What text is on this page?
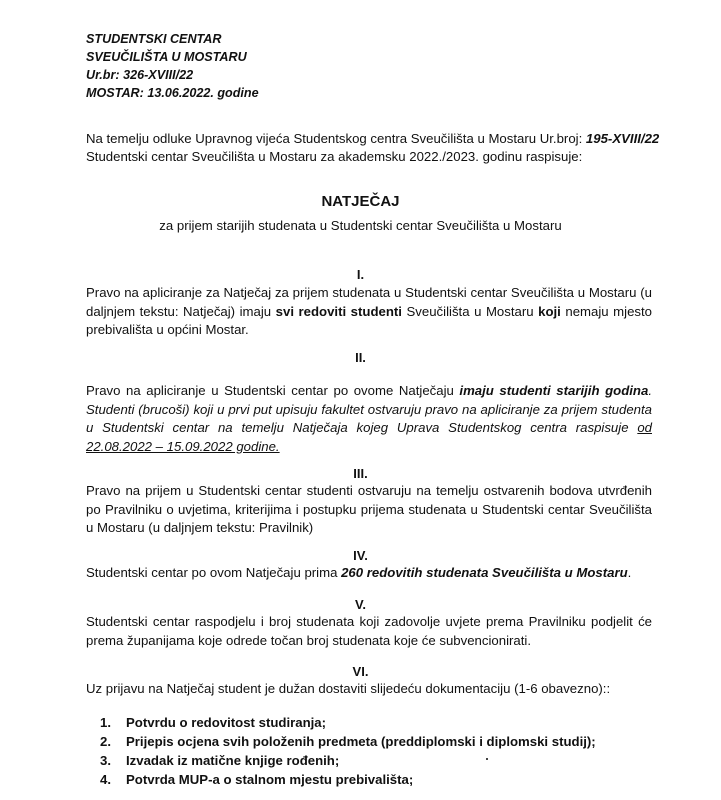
STUDENTSKI CENTAR
SVEUČILIŠTA U MOSTARU
Ur.br: 326-XVIII/22
MOSTAR: 13.06.2022. godine
Na temelju odluke Upravnog vijeća Studentskog centra Sveučilišta u Mostaru Ur.broj: 195-XVIII/22
Studentski centar Sveučilišta u Mostaru za akademsku 2022./2023. godinu raspisuje:
NATJEČAJ
za prijem starijih studenata u Studentski centar Sveučilišta u Mostaru
I.
Pravo na apliciranje za Natječaj za prijem studenata u Studentski centar Sveučilišta u Mostaru (u daljnjem tekstu: Natječaj) imaju svi redoviti studenti Sveučilišta u Mostaru koji nemaju mjesto prebivališta u općini Mostar.
II.
Pravo na apliciranje u Studentski centar po ovome Natječaju imaju studenti starijih godina. Studenti (brucoši) koji u prvi put upisuju fakultet ostvaruju pravo na apliciranje za prijem studenta u Studentski centar na temelju Natječaja kojeg Uprava Studentskog centra raspisuje od 22.08.2022 – 15.09.2022 godine.
III.
Pravo na prijem u Studentski centar studenti ostvaruju na temelju ostvarenih bodova utvrđenih po Pravilniku o uvjetima, kriterijima i postupku prijema studenata u Studentski centar Sveučilišta u Mostaru (u daljnjem tekstu: Pravilnik)
IV.
Studentski centar po ovom Natječaju prima 260 redovitih studenata Sveučilišta u Mostaru.
V.
Studentski centar raspodjelu i broj studenata koji zadovolje uvjete prema Pravilniku podjelit će prema županijama koje odrede točan broj studenata koje će subvencionirati.
VI.
Uz prijavu na Natječaj student je dužan dostaviti slijedeću dokumentaciju (1-6 obavezno)::
1. Potvrdu o redovitost studiranja;
2. Prijepis ocjena svih položenih predmeta (preddiplomski i diplomski studij);
3. Izvadak iz matične knjige rođenih;
4. Potvrda MUP-a o stalnom mjestu prebivališta;
